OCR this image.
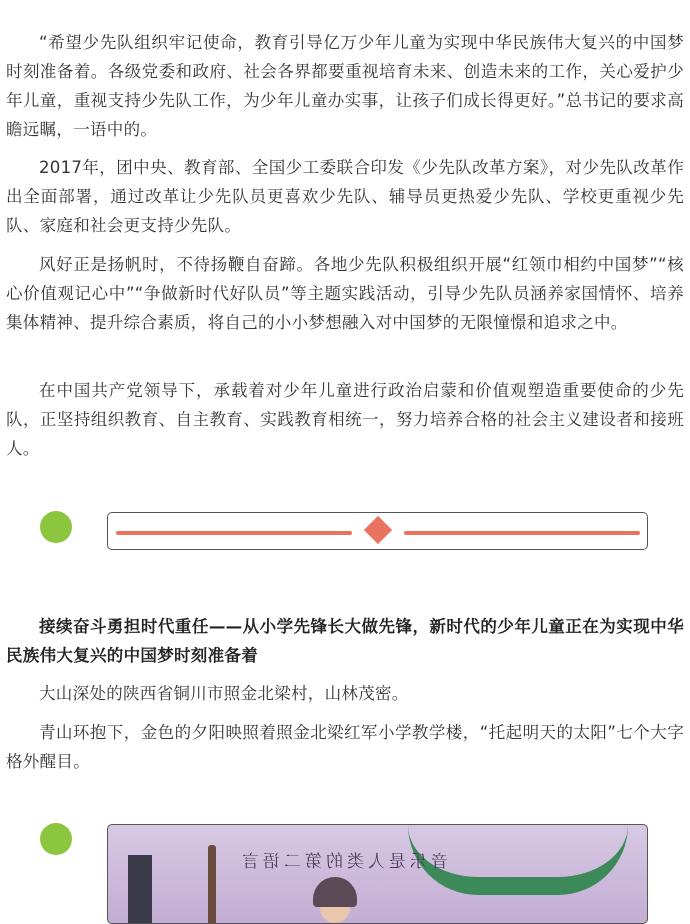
“希望少先队组织牢记使命，教育引导亿万少年儿童为实现中华民族伟大复兴的中国梦时刻准备着。各级党委和政府、社会各界都要重视培育未来、创造未来的工作，关心爱护少年儿童，重视支持少先队工作，为少年儿童办实事，让孩子们成长得更好。”总书记的要求高瞻远瞩，一语中的。

2017年，团中央、教育部、全国少工委联合印发《少先队改革方案》，对少先队改革作出全面部署，通过改革让少先队员更喜欢少先队、辅导员更热爱少先队、学校更重视少先队、家庭和社会更支持少先队。

风好正是扬帆时，不待扬鞭自奋蹄。各地少先队积极组织开展“红领巾相约中国梦”“核心价值观记心中”“争做新时代好队员”等主题实践活动，引导少先队员涵养家国情怀、培养集体精神、提升综合素质，将自己的小小梦想融入对中国梦的无限憧憬和追求之中。

在中国共产党领导下，承载着对少年儿童进行政治启蒙和价值观塑造重要使命的少先队，正坚持组织教育、自主教育、实践教育相统一，努力培养合格的社会主义建设者和接班人。

接续奋斗勇担时代重任——从小学先锋长大做先锋，新时代的少年儿童正在为实现中华民族伟大复兴的中国梦时刻准备着

大山深处的陕西省铜川市照金北梁村，山林茂密。

青山环抱下，金色的夕阳映照着照金北梁红军小学教学楼，“托起明天的太阳”七个大字格外醒目。

音乐是人类的第二语言
